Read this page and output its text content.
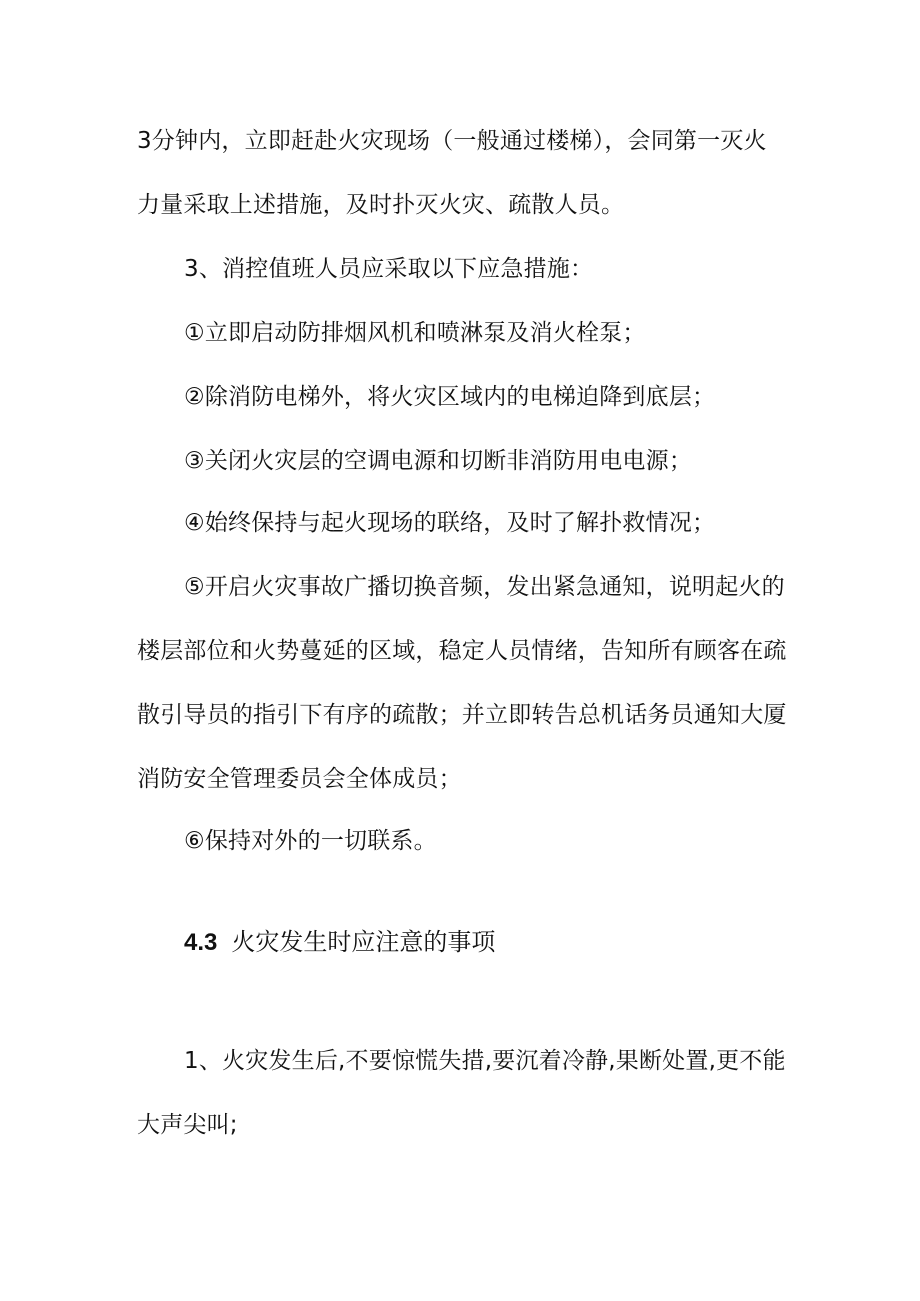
3分钟内，立即赶赴火灾现场（一般通过楼梯），会同第一灭火
力量采取上述措施，及时扑灭火灾、疏散人员。
3、消控值班人员应采取以下应急措施：
①立即启动防排烟风机和喷淋泵及消火栓泵；
②除消防电梯外，将火灾区域内的电梯迫降到底层；
③关闭火灾层的空调电源和切断非消防用电电源；
④始终保持与起火现场的联络，及时了解扑救情况；
⑤开启火灾事故广播切换音频，发出紧急通知，说明起火的
楼层部位和火势蔓延的区域，稳定人员情绪，告知所有顾客在疏
散引导员的指引下有序的疏散；并立即转告总机话务员通知大厦
消防安全管理委员会全体成员；
⑥保持对外的一切联系。
4.3 火灾发生时应注意的事项
1、火灾发生后,不要惊慌失措,要沉着冷静,果断处置,更不能
大声尖叫;
